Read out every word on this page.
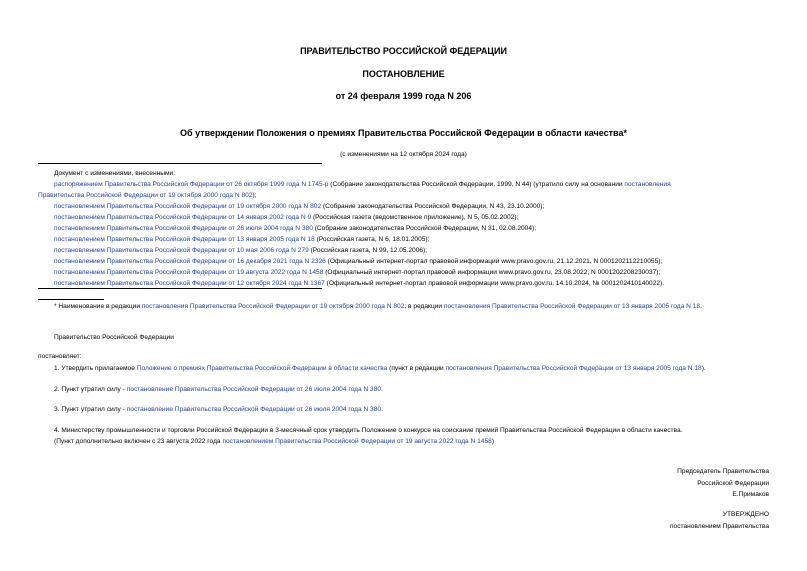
ПРАВИТЕЛЬСТВО РОССИЙСКОЙ ФЕДЕРАЦИИ
ПОСТАНОВЛЕНИЕ
от 24 февраля 1999 года N 206
Об утверждении Положения о премиях Правительства Российской Федерации в области качества*
(с изменениями на 12 октября 2024 года)
Документ с изменениями, внесенными:
распоряжением Правительства Российской Федерации от 26 октября 1999 года N 1745-р (Собрание законодательства Российской Федерации, 1999, N 44) (утратило силу на основании постановления
Правительства Российской Федерации от 19 октября 2000 года N 802);
постановлением Правительства Российской Федерации от 19 октября 2000 года N 802 (Собрание законодательства Российской Федерации, N 43, 23.10.2000);
постановлением Правительства Российской Федерации от 14 января 2002 года N 9 (Российская газета (ведомственное приложение), N 5, 05.02.2002);
постановлением Правительства Российской Федерации от 26 июля 2004 года N 380 (Собрание законодательства Российской Федерации, N 31, 02.08.2004);
постановлением Правительства Российской Федерации от 13 января 2005 года N 18 (Российская газета, N 6, 18.01.2005);
постановлением Правительства Российской Федерации от 10 мая 2006 года N 279 (Российская газета, N 99, 12.05.2006);
постановлением Правительства Российской Федерации от 16 декабря 2021 года N 2326 (Официальный интернет-портал правовой информации www.pravo.gov.ru, 21.12.2021, N 0001202112210055);
постановлением Правительства Российской Федерации от 19 августа 2022 года N 1458 (Официальный интернет-портал правовой информации www.pravo.gov.ru, 23.08.2022, N 0001202208230037);
постановлением Правительства Российской Федерации от 12 октября 2024 года N 1367 (Официальный интернет-портал правовой информации www.pravo.gov.ru, 14.10.2024, № 0001202410140022).
* Наименование в редакции постановления Правительства Российской Федерации от 19 октября 2000 года N 802; в редакции постановления Правительства Российской Федерации от 13 января 2005 года N 18.
Правительство Российской Федерации
постановляет:
1. Утвердить прилагаемое Положение о премиях Правительства Российской Федерации в области качества (пункт в редакции постановления Правительства Российской Федерации от 13 января 2005 года N 18).
2. Пункт утратил силу - постановление Правительства Российской Федерации от 26 июля 2004 года N 380.
3. Пункт утратил силу - постановление Правительства Российской Федерации от 26 июля 2004 года N 380.
4. Министерству промышленности и торговли Российской Федерации в 3-месячный срок утвердить Положение о конкурсе на соискание премий Правительства Российской Федерации в области качества.
(Пункт дополнительно включен с 23 августа 2022 года постановлением Правительства Российской Федерации от 19 августа 2022 года N 1458)
Председатель Правительства
Российской Федерации
Е.Примаков
УТВЕРЖДЕНО
постановлением Правительства
